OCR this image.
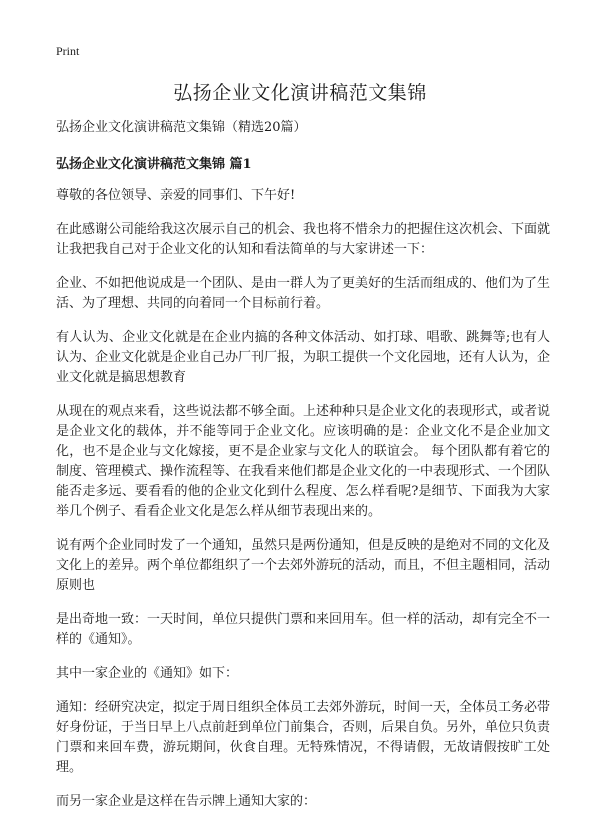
Print
弘扬企业文化演讲稿范文集锦

弘扬企业文化演讲稿范文集锦（精选20篇）

弘扬企业文化演讲稿范文集锦 篇1

尊敬的各位领导、亲爱的同事们、下午好!

在此感谢公司能给我这次展示自己的机会、我也将不惜余力的把握住这次机会、下面就让我把我自己对于企业文化的认知和看法简单的与大家讲述一下：

企业、不如把他说成是一个团队、是由一群人为了更美好的生活而组成的、他们为了生活、为了理想、共同的向着同一个目标前行着。

有人认为、企业文化就是在企业内搞的各种文体活动、如打球、唱歌、跳舞等;也有人认为、企业文化就是企业自己办厂刊厂报，为职工提供一个文化园地，还有人认为，企业文化就是搞思想教育

从现在的观点来看，这些说法都不够全面。上述种种只是企业文化的表现形式，或者说是企业文化的载体，并不能等同于企业文化。应该明确的是：企业文化不是企业加文化，也不是企业与文化嫁接，更不是企业家与文化人的联谊会。 每个团队都有着它的制度、管理模式、操作流程等、在我看来他们都是企业文化的一中表现形式、一个团队能否走多远、要看看的他的企业文化到什么程度、怎么样看呢?是细节、下面我为大家举几个例子、看看企业文化是怎么样从细节表现出来的。

说有两个企业同时发了一个通知，虽然只是两份通知，但是反映的是绝对不同的文化及文化上的差异。两个单位都组织了一个去郊外游玩的活动，而且，不但主题相同，活动原则也

是出奇地一致：一天时间，单位只提供门票和来回用车。但一样的活动，却有完全不一样的《通知》。

其中一家企业的《通知》如下：

通知：经研究决定，拟定于周日组织全体员工去郊外游玩，时间一天，全体员工务必带好身份证，于当日早上八点前赶到单位门前集合，否则，后果自负。另外，单位只负责门票和来回车费，游玩期间，伙食自理。无特殊情况，不得请假，无故请假按旷工处理。

而另一家企业是这样在告示牌上通知大家的：
